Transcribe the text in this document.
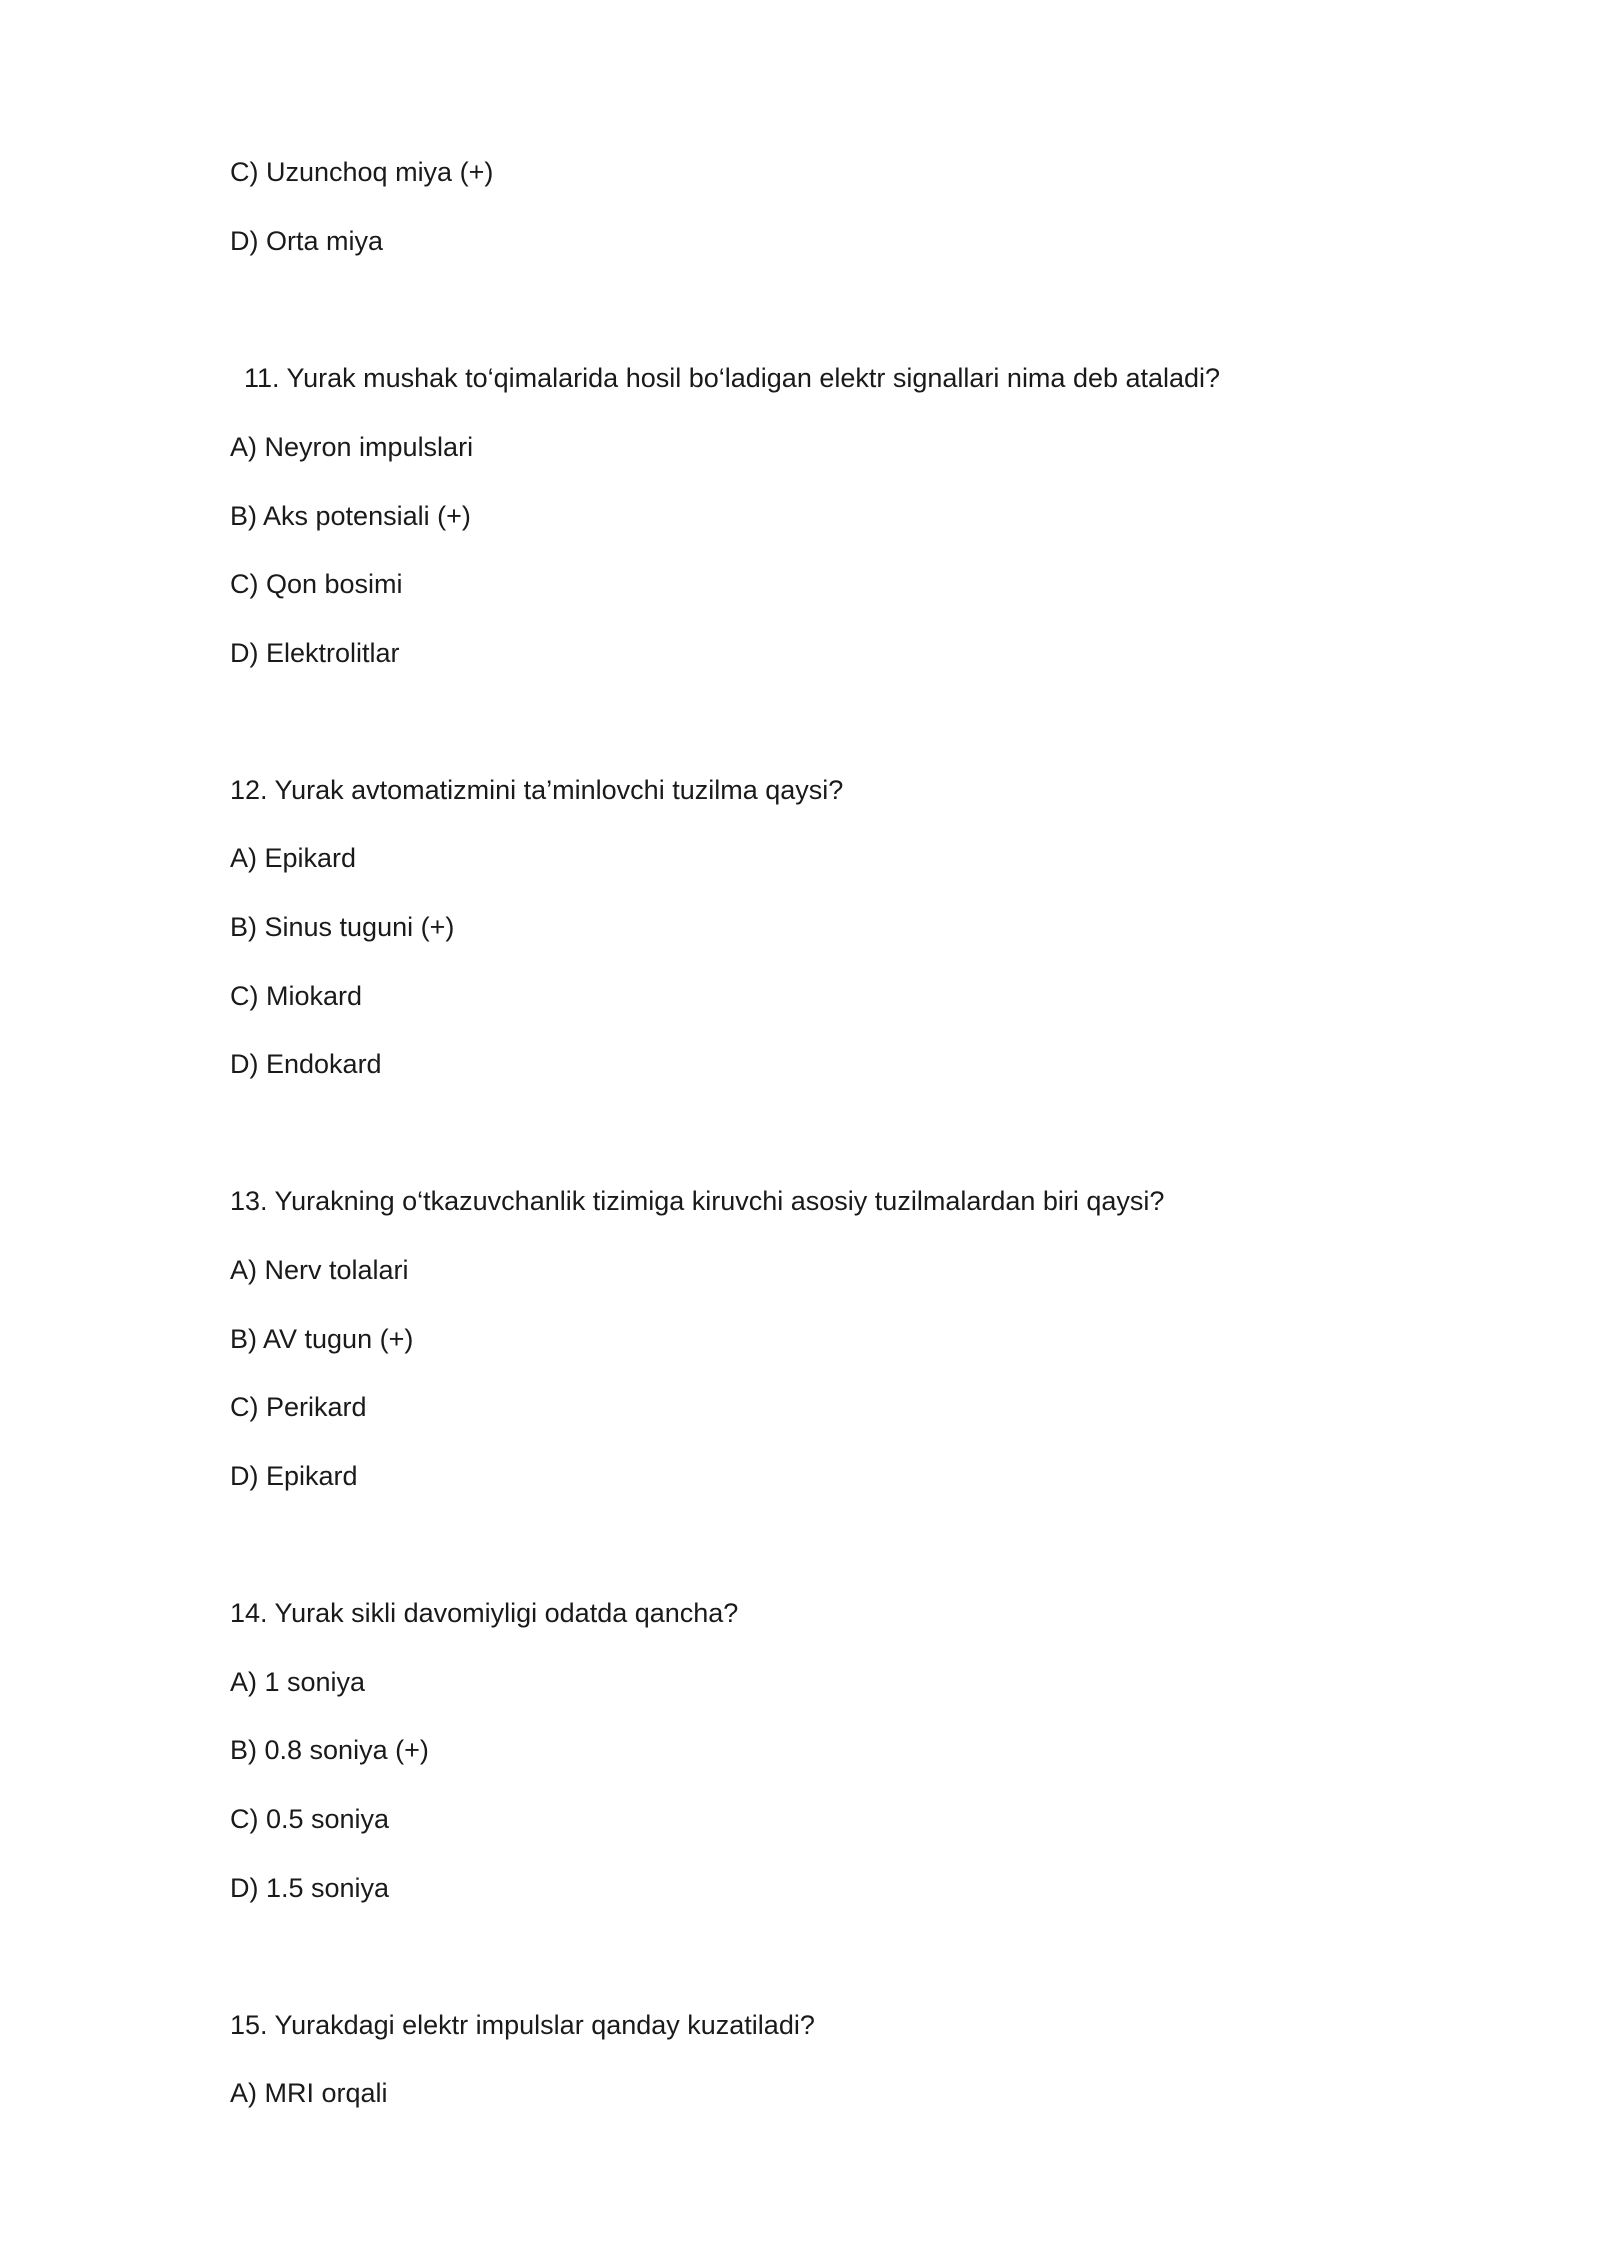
C) Uzunchoq miya (+)
D) Orta miya
11. Yurak mushak to‘qimalarida hosil bo‘ladigan elektr signallari nima deb ataladi?
A) Neyron impulslari
B) Aks potensiali (+)
C) Qon bosimi
D) Elektrolitlar
12. Yurak avtomatizmini ta’minlovchi tuzilma qaysi?
A) Epikard
B) Sinus tuguni (+)
C) Miokard
D) Endokard
13. Yurakning o‘tkazuvchanlik tizimiga kiruvchi asosiy tuzilmalardan biri qaysi?
A) Nerv tolalari
B) AV tugun (+)
C) Perikard
D) Epikard
14. Yurak sikli davomiyligi odatda qancha?
A) 1 soniya
B) 0.8 soniya (+)
C) 0.5 soniya
D) 1.5 soniya
15. Yurakdagi elektr impulslar qanday kuzatiladi?
A) MRI orqali
